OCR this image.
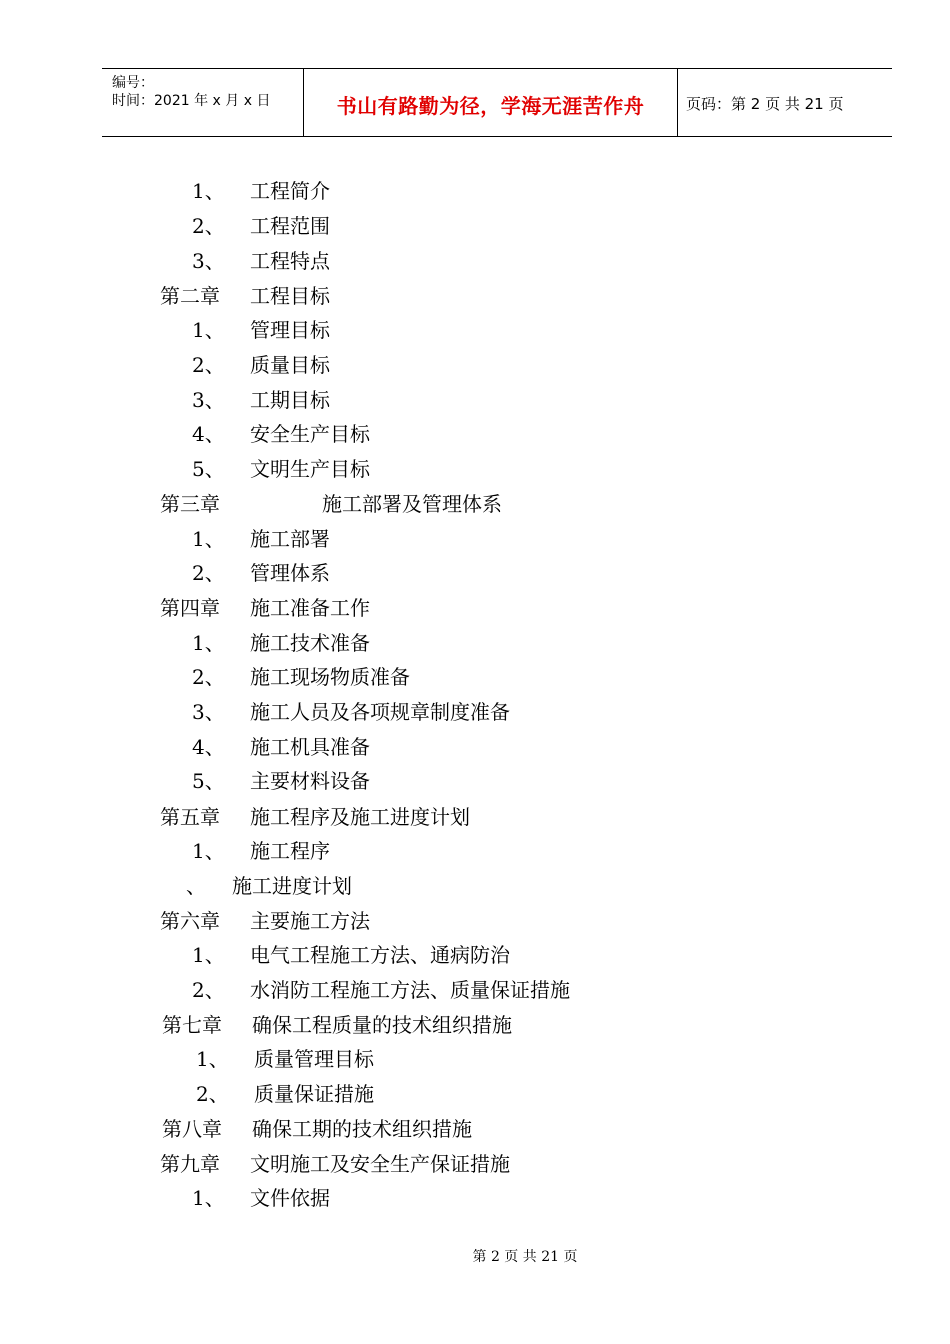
编号：
时间：2021 年 x 月 x 日	书山有路勤为径，学海无涯苦作舟	页码：第 2 页 共 21 页
1、 工程简介
2、 工程范围
3、 工程特点
第二章 工程目标
1、 管理目标
2、 质量目标
3、 工期目标
4、 安全生产目标
5、 文明生产目标
第三章	施工部署及管理体系
1、 施工部署
2、 管理体系
第四章 施工准备工作
1、 施工技术准备
2、 施工现场物质准备
3、 施工人员及各项规章制度准备
4、 施工机具准备
5、 主要材料设备
第五章 施工程序及施工进度计划
1、 施工程序
、 施工进度计划
第六章 主要施工方法
1、 电气工程施工方法、通病防治
2、 水消防工程施工方法、质量保证措施
第七章 确保工程质量的技术组织措施
1、 质量管理目标
2、 质量保证措施
第八章 确保工期的技术组织措施
第九章 文明施工及安全生产保证措施
1、 文件依据
第 2 页 共 21 页
